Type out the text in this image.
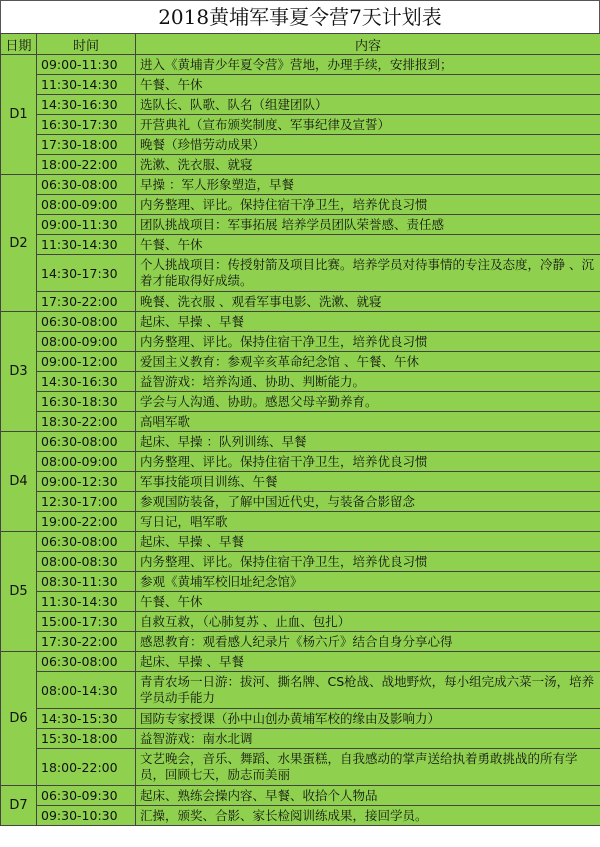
2018黄埔军事夏令营7天计划表
日期	时间	内容
D1	09:00-11:30	进入《黄埔青少年夏令营》营地，办理手续，安排报到；
	11:30-14:30	午餐、午休
	14:30-16:30	选队长、队歌、队名（组建团队）
	16:30-17:30	开营典礼（宣布颁奖制度、军事纪律及宣誓）
	17:30-18:00	晚餐（珍惜劳动成果）
	18:00-22:00	洗漱、洗衣服、就寝
D2	06:30-08:00	早操 ：军人形象塑造，早餐
	08:00-09:00	内务整理、评比。保持住宿干净卫生，培养优良习惯
	09:00-11:30	团队挑战项目：军事拓展 培养学员团队荣誉感、责任感
	11:30-14:30	午餐、午休
	14:30-17:30	个人挑战项目：传授射箭及项目比赛。培养学员对待事情的专注及态度，冷静 、沉着才能取得好成绩。
	17:30-22:00	晚餐、洗衣服 、观看军事电影、洗漱、就寝
D3	06:30-08:00	起床、早操 、早餐
	08:00-09:00	内务整理、评比。保持住宿干净卫生，培养优良习惯
	09:00-12:00	爱国主义教育：参观辛亥革命纪念馆 、午餐、午休
	14:30-16:30	益智游戏：培养沟通、协助、判断能力。
	16:30-18:30	学会与人沟通、协助。感恩父母辛勤养育。
	18:30-22:00	高唱军歌
D4	06:30-08:00	起床、早操 ：队列训练、早餐
	08:00-09:00	内务整理、评比。保持住宿干净卫生，培养优良习惯
	09:00-12:30	军事技能项目训练、午餐
	12:30-17:00	参观国防装备，了解中国近代史，与装备合影留念
	19:00-22:00	写日记，唱军歌
D5	06:30-08:00	起床、早操 、早餐
	08:00-08:30	内务整理、评比。保持住宿干净卫生，培养优良习惯
	08:30-11:30	参观《黄埔军校旧址纪念馆》
	11:30-14:30	午餐、午休
	15:00-17:30	自救互救，（心肺复苏 、止血、包扎）
	17:30-22:00	感恩教育：观看感人纪录片《杨六斤》结合自身分享心得
D6	06:30-08:00	起床、早操 、早餐
	08:00-14:30	青青农场一日游：拔河、撕名牌、CS枪战、战地野炊，每小组完成六菜一汤，培养学员动手能力
	14:30-15:30	国防专家授课（孙中山创办黄埔军校的缘由及影响力）
	15:30-18:00	益智游戏：南水北调
	18:00-22:00	文艺晚会，音乐、舞蹈、水果蛋糕，自我感动的掌声送给执着勇敢挑战的所有学员，回顾七天，励志而美丽
D7	06:30-09:30	起床、熟练会操内容、早餐、收拾个人物品
	09:30-10:30	汇操，颁奖、合影、家长检阅训练成果，接回学员。
